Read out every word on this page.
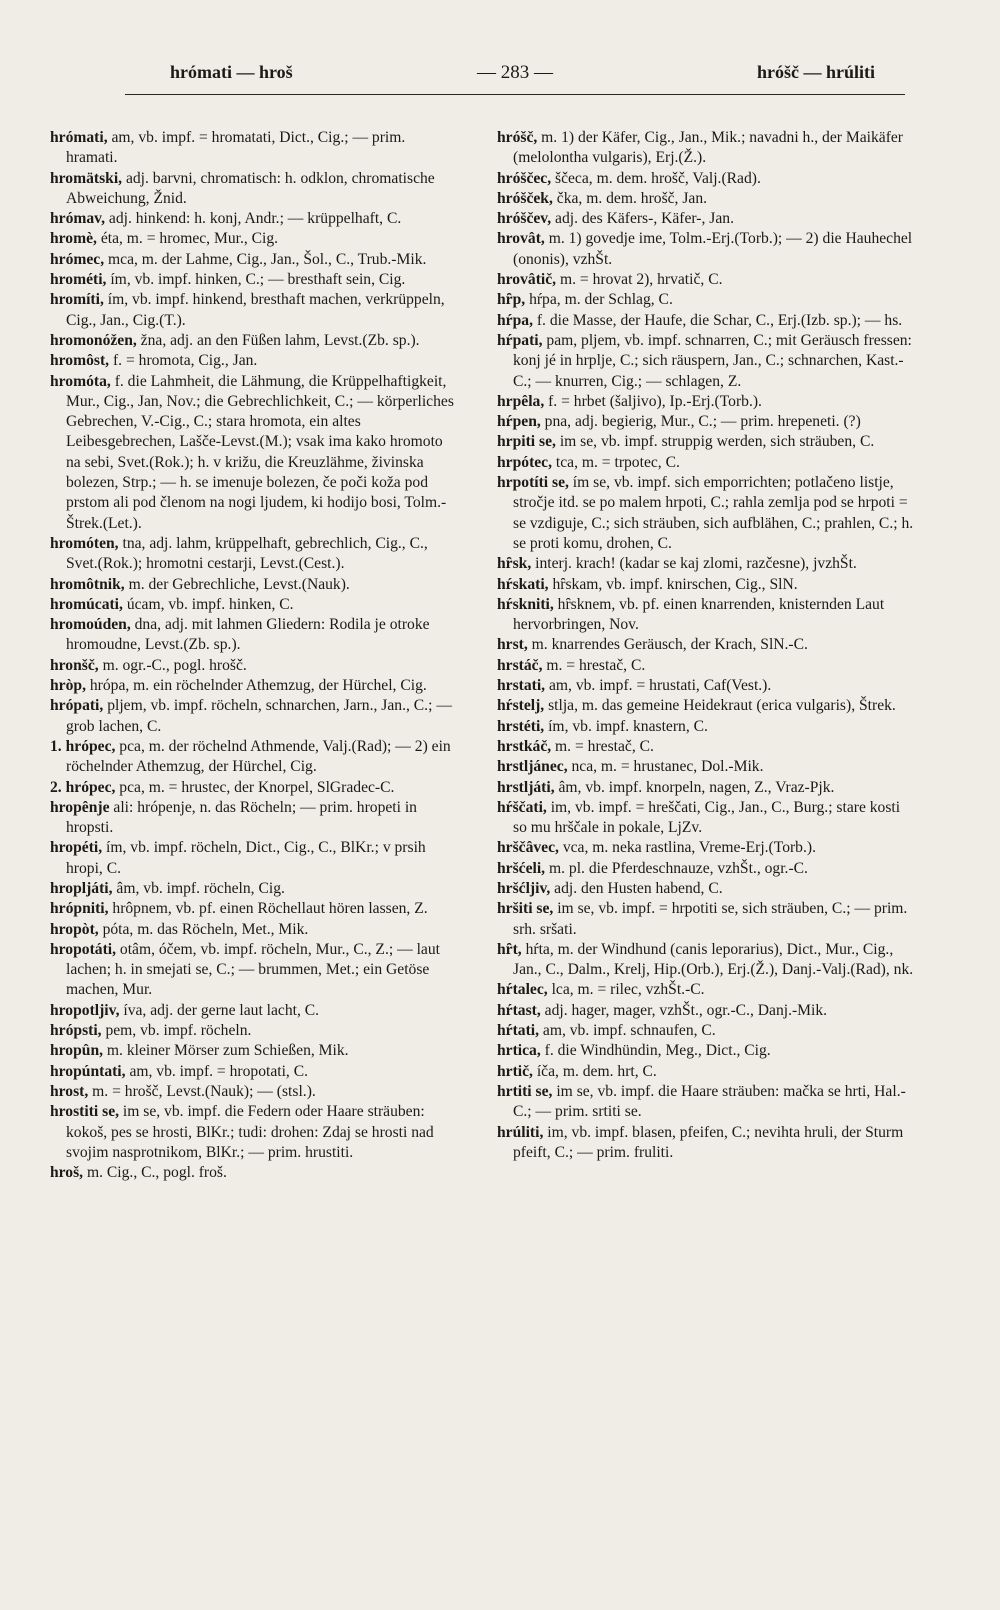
hrómati — hroš	— 283 —	hróšč — hrúliti

hrómati, am, vb. impf. = hromatati, Dict., Cig.; — prim. hramati.

hromätski, adj. barvni, chromatisch: h. odklon, chromatische Abweichung, Žnid.

hrómav, adj. hinkend: h. konj, Andr.; — krüppelhaft, C.

hromè, éta, m. = hromec, Mur., Cig.

hrómec, mca, m. der Lahme, Cig., Jan., Šol., C., Trub.-Mik.

hrométi, ím, vb. impf. hinken, C.; — bresthaft sein, Cig.

hromíti, ím, vb. impf. hinkend, bresthaft machen, verkrüppeln, Cig., Jan., Cig.(T.).

hromonóžen, žna, adj. an den Füßen lahm, Levst.(Zb. sp.).

hromôst, f. = hromota, Cig., Jan.

hromóta, f. die Lahmheit, die Lähmung, die Krüppelhaftigkeit, Mur., Cig., Jan, Nov.; die Gebrechlichkeit, C.; — körperliches Gebrechen, V.-Cig., C.; stara hromota, ein altes Leibesgebrechen, Lašče-Levst.(M.); vsak ima kako hromoto na sebi, Svet.(Rok.); h. v križu, die Kreuzlähme, živinska bolezen, Strp.; — h. se imenuje bolezen, če poči koža pod prstom ali pod členom na nogi ljudem, ki hodijo bosi, Tolm.-Štrek.(Let.).

hromóten, tna, adj. lahm, krüppelhaft, gebrechlich, Cig., C., Svet.(Rok.); hromotni cestarji, Levst.(Cest.).

hromôtnik, m. der Gebrechliche, Levst.(Nauk).

hromúcati, úcam, vb. impf. hinken, C.

hromoúden, dna, adj. mit lahmen Gliedern: Rodila je otroke hromoudne, Levst.(Zb. sp.).

hronšč, m. ogr.-C., pogl. hrošč.

hròp, hrópa, m. ein röchelnder Athemzug, der Hürchel, Cig.

hrópati, pljem, vb. impf. röcheln, schnarchen, Jarn., Jan., C.; — grob lachen, C.

1. hrópec, pca, m. der röchelnd Athmende, Valj.(Rad); — 2) ein röchelnder Athemzug, der Hürchel, Cig.

2. hrópec, pca, m. = hrustec, der Knorpel, SlGradec-C.

hropênje ali: hrópenje, n. das Röcheln; — prim. hropeti in hropsti.

hropéti, ím, vb. impf. röcheln, Dict., Cig., C., BlKr.; v prsih hropi, C.

hropljáti, âm, vb. impf. röcheln, Cig.

hrópniti, hrôpnem, vb. pf. einen Röchellaut hören lassen, Z.

hropòt, póta, m. das Röcheln, Met., Mik.

hropotáti, otâm, óčem, vb. impf. röcheln, Mur., C., Z.; — laut lachen; h. in smejati se, C.; — brummen, Met.; ein Getöse machen, Mur.

hropotljiv, íva, adj. der gerne laut lacht, C.

hrópsti, pem, vb. impf. röcheln.

hropûn, m. kleiner Mörser zum Schießen, Mik.

hropúntati, am, vb. impf. = hropotati, C.

hrost, m. = hrošč, Levst.(Nauk); — (stsl.).

hrostiti se, im se, vb. impf. die Federn oder Haare sträuben: kokoš, pes se hrosti, BlKr.; tudi: drohen: Zdaj se hrosti nad svojim nasprotnikom, BlKr.; — prim. hrustiti.

hroš, m. Cig., C., pogl. froš.

hróšč, m. 1) der Käfer, Cig., Jan., Mik.; navadni h., der Maikäfer (melolontha vulgaris), Erj.(Ž.).

hróščec, ščeca, m. dem. hrošč, Valj.(Rad).

hróšček, čka, m. dem. hrošč, Jan.

hróščev, adj. des Käfers-, Käfer-, Jan.

hrovât, m. 1) govedje ime, Tolm.-Erj.(Torb.); — 2) die Hauhechel (ononis), vzhŠt.

hrovâtič, m. = hrovat 2), hrvatič, C.

hȓp, hŕpa, m. der Schlag, C.

hŕpa, f. die Masse, der Haufe, die Schar, C., Erj.(Izb. sp.); — hs.

hŕpati, pam, pljem, vb. impf. schnarren, C.; mit Geräusch fressen: konj jé in hrplje, C.; sich räuspern, Jan., C.; schnarchen, Kast.-C.; — knurren, Cig.; — schlagen, Z.

hrpêla, f. = hrbet (šaljivo), Ip.-Erj.(Torb.).

hŕpen, pna, adj. begierig, Mur., C.; — prim. hrepeneti. (?)

hrpiti se, im se, vb. impf. struppig werden, sich sträuben, C.

hrpótec, tca, m. = trpotec, C.

hrpotíti se, ím se, vb. impf. sich emporrichten; potlačeno listje, stročje itd. se po malem hrpoti, C.; rahla zemlja pod se hrpoti = se vzdiguje, C.; sich sträuben, sich aufblähen, C.; prahlen, C.; h. se proti komu, drohen, C.

hȓsk, interj. krach! (kadar se kaj zlomi, razčesne), jvzhŠt.

hŕskati, hȓskam, vb. impf. knirschen, Cig., SlN.

hŕskniti, hȓsknem, vb. pf. einen knarrenden, knisternden Laut hervorbringen, Nov.

hrst, m. knarrendes Geräusch, der Krach, SlN.-C.

hrstáč, m. = hrestač, C.

hrstati, am, vb. impf. = hrustati, Caf(Vest.).

hŕstelj, stlja, m. das gemeine Heidekraut (erica vulgaris), Štrek.

hrstéti, ím, vb. impf. knastern, C.

hrstkáč, m. = hrestač, C.

hrstljánec, nca, m. = hrustanec, Dol.-Mik.

hrstljáti, âm, vb. impf. knorpeln, nagen, Z., Vraz-Pjk.

hŕščati, im, vb. impf. = hreščati, Cig., Jan., C., Burg.; stare kosti so mu hrščale in pokale, LjZv.

hrščâvec, vca, m. neka rastlina, Vreme-Erj.(Torb.).

hršćeli, m. pl. die Pferdeschnauze, vzhŠt., ogr.-C.

hršćljiv, adj. den Husten habend, C.

hršiti se, im se, vb. impf. = hrpotiti se, sich sträuben, C.; — prim. srh. sršati.

hȓt, hŕta, m. der Windhund (canis leporarius), Dict., Mur., Cig., Jan., C., Dalm., Krelj, Hip.(Orb.), Erj.(Ž.), Danj.-Valj.(Rad), nk.

hŕtalec, lca, m. = rilec, vzhŠt.-C.

hŕtast, adj. hager, mager, vzhŠt., ogr.-C., Danj.-Mik.

hŕtati, am, vb. impf. schnaufen, C.

hrtica, f. die Windhündin, Meg., Dict., Cig.

hrtič, íča, m. dem. hrt, C.

hrtiti se, im se, vb. impf. die Haare sträuben: mačka se hrti, Hal.-C.; — prim. srtiti se.

hrúliti, im, vb. impf. blasen, pfeifen, C.; nevihta hruli, der Sturm pfeift, C.; — prim. fruliti.
